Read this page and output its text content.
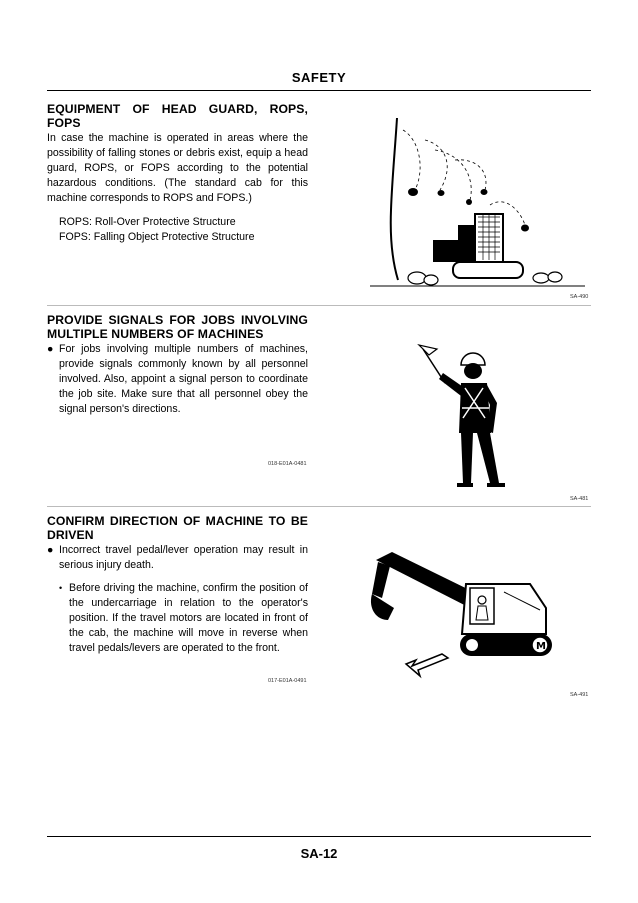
SAFETY
EQUIPMENT OF HEAD GUARD, ROPS, FOPS
In case the machine is operated in areas where the possibility of falling stones or debris exist, equip a head guard, ROPS, or FOPS according to the potential hazardous conditions. (The standard cab for this machine corresponds to ROPS and FOPS.)
ROPS: Roll-Over Protective Structure
FOPS: Falling Object Protective Structure
SA-490
PROVIDE SIGNALS FOR JOBS INVOLVING MULTIPLE NUMBERS OF MACHINES
● For jobs involving multiple numbers of machines, provide signals commonly known by all personnel involved. Also, appoint a signal person to coordinate the job site. Make sure that all personnel obey the signal person's directions.
018-E01A-0481
SA-481
CONFIRM DIRECTION OF MACHINE TO BE DRIVEN
● Incorrect travel pedal/lever operation may result in serious injury death.
• Before driving the machine, confirm the position of the undercarriage in relation to the operator's position. If the travel motors are located in front of the cab, the machine will move in reverse when travel pedals/levers are operated to the front.
017-E01A-0491
M
SA-491
SA-12
